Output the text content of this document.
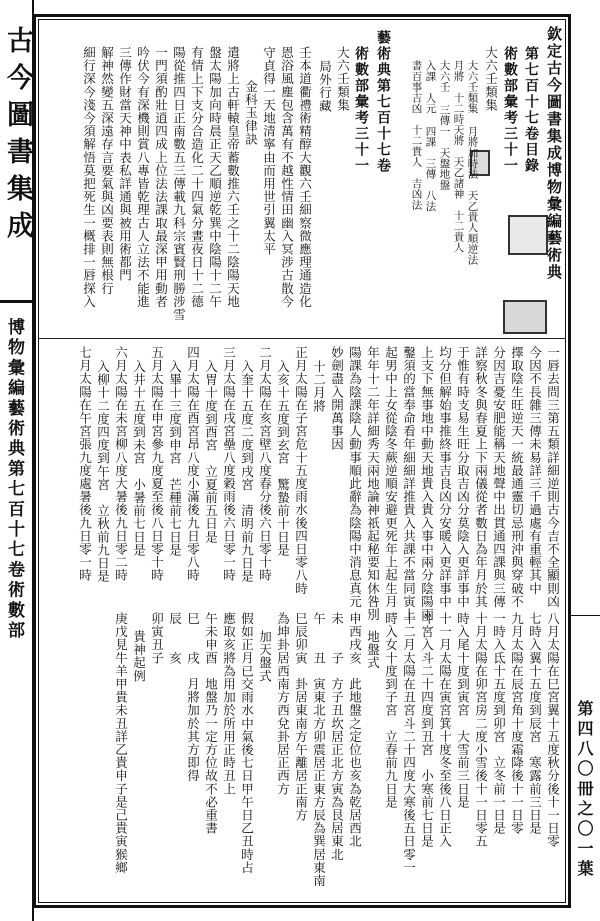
古今圖書集成
博物彙編藝術典第七百十七卷術數部
第四八〇冊之〇一葉
欽定古今圖書集成博物彙編藝術典
第七百十七卷目錄
術數部彙考三十一
大六壬類集
大六壬類集 月將加時法　天乙貴人順逆法
月將　十二時天將　天乙諸神　十二貴人
大六壬 三傳一　天盤地盤
入課　人元 四課　三傳　八法
書百事吉凶　十二貴人　吉凶法
藝術典第七百十七卷
術數部彙考三十一
大六壬類集
局外行藏
壬本道衢禮術精醇大觀六壬細察微應理通造化
恩浴風塵包含萬有不越性情田幽入冥涉古散今
守貞得一天地清寧由而用世引翼太平
金科玉律訣
遣將上古軒轅皇帝蓄數推六壬之十二陰陽天地
盤太陽加向時晨正天乙順逆乾巽中陰陽十二午
有情上下支分合造化二十四氣分晝夜日十二德
陽從推四日正南數五三傳載九科宗賓賢刑勝涉雪
一門須酌壯逍四成上位法法課取最深甲用動者
吟伏今有深機則賞八專皆乾理古人立法不能進
三傳作財當天神中表私詳通與被用術都門
解神然變五深遠存言要氣與凶要表則無根行
細行深今淺今須解悟莫把死生一概排一唇探入
一唇去問三第五類詳細逆則古今吉不全顯則凶
今因不長雜三傳未易詳三千過處有重輕其中
擇取陰生旺逆天一統最通靈切忌刑沖與穿破不
分因吉憂安肥能稱天地聲中出貫通四課與三傳
詳察秋冬與春夏上下兩儀從者數日為年月於其
于惟有時支易生旺分取吉凶分莫陰入更詳事中
均分但解始事推終事吉良凶分安暖入更詳事中
上支下無事地中動天地貴入貴入事中兩分陰陽兩
鑿須的當奉命看年細細詳推貴入共課不當同寅上
起男中上女從陰冬蕨逆順安避更死年上起生月一
年年十二年詳細秀天兩地論神祇起秘要知休咎別
陽課為陰課陰人動事順此辭為陰陽中消息真元
妙劍盡入開萬事因
十二月將
正月太陽在子宮危十五度雨水後四日零八時
入亥十五度到玄宮　驚蟄前十日是
二月太陽在亥宮壁八度春分後六日零十時
入奎十五度二度到戌宮　清明前九日是
三月太陽在戌宮壘八度穀雨後六日零一時
入胃十度到酉宮　立夏前五日是
四月太陽在酉宮昂八度小滿後九日零八時
入畢十三度到申宮　芒種前七日是
五月太陽在申宮參九度夏至後八日零十時
入井十五度到未宮　小暑前七日是
六月太陽在未宮柳八度大暑後九日零二時
入柳十二度四度到午宮　立秋前九日是
七月太陽在午宮張九度處暑後九日零一時
八月太陽在巳宮翼十五度秋分後十一日零
七時入翼十五度到辰宮　寒露前三日是
九月太陽在辰宮角十度霜降後十一日零
一時入氐十五度到卯宮　立冬前一日是
十月太陽在卯宮房二度小雪後十一日零五
時入尾十度到寅宮　大雪前三日是
十一月太陽在寅宮箕十度冬至後八日正入
斗宮入斗二十四度到丑宮　小寒前七日是
十二月太陽在丑宮斗二十四度大寒後五日零一
時入女十度到子宮　立春前九日是
地盤式
申西戌亥　此地盤之定位也亥為乾居西北
未　　子　方子丑坎居正北方寅為艮居東北
午　　丑　寅東北方卯震居正東方辰為巽居東南
巳辰卯寅　卦居東南方午離居正南方
為坤卦居西南方西兌卦居正西方
加天盤式
假如正月已交雨水中氣後七日甲午日乙丑時占
應取亥將為用加於所用正時丑上
午未申酉　地盤乃一定方位故不必重書
巳　　戌　月將加於其方即得
辰　　亥
卯寅丑子
貴神起例
庚戊見牛羊甲貴未丑詳乙貴申子是己貴寅猴鄉
